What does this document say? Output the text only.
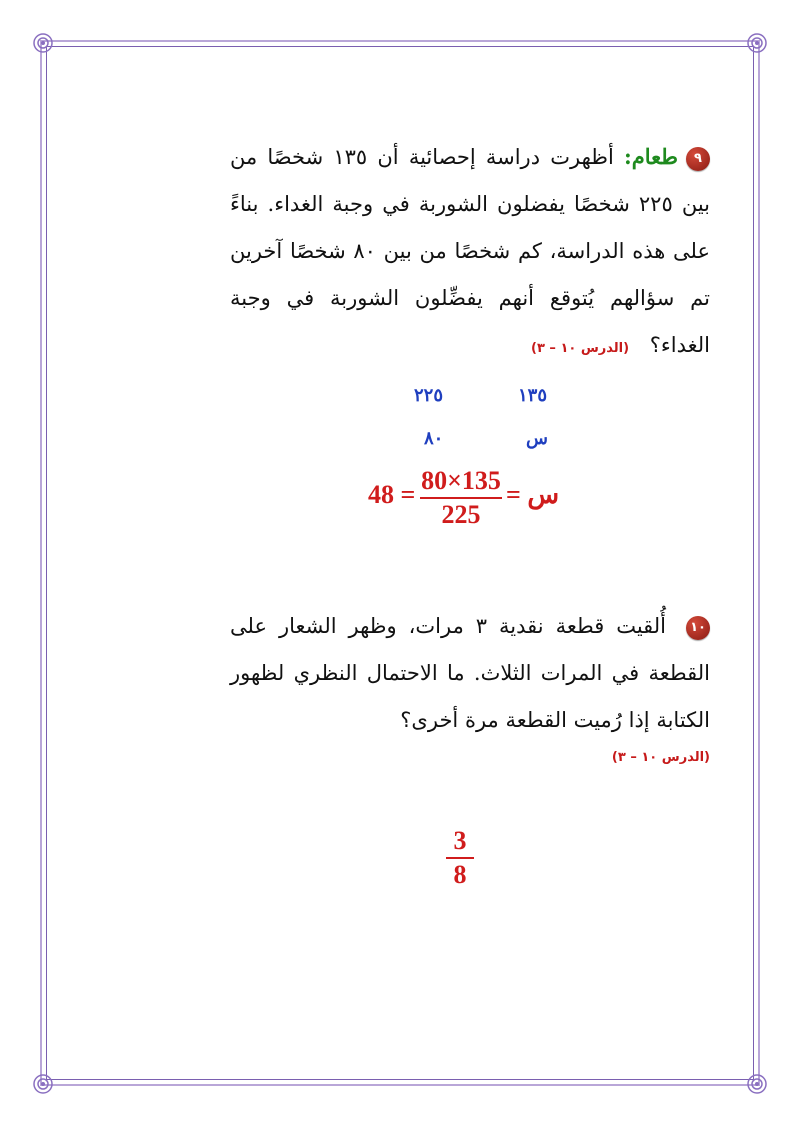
٩طعام: أظهرت دراسة إحصائية أن ١٣٥ شخصًا من بين ٢٢٥ شخصًا يفضلون الشوربة في وجبة الغداء. بناءً على هذه الدراسة، كم شخصًا من بين ٨٠ شخصًا آخرين تم سؤالهم يُتوقع أنهم يفضِّلون الشوربة في وجبة الغداء؟ (الدرس ١٠ – ٣)
٢٢٥	١٣٥
٨٠	س
48 = 80×135
225
= س
١٠ أُلقيت قطعة نقدية ٣ مرات، وظهر الشعار على القطعة في المرات الثلاث. ما الاحتمال النظري لظهور الكتابة إذا رُميت القطعة مرة أخرى؟
(الدرس ١٠ – ٣)
3
8
